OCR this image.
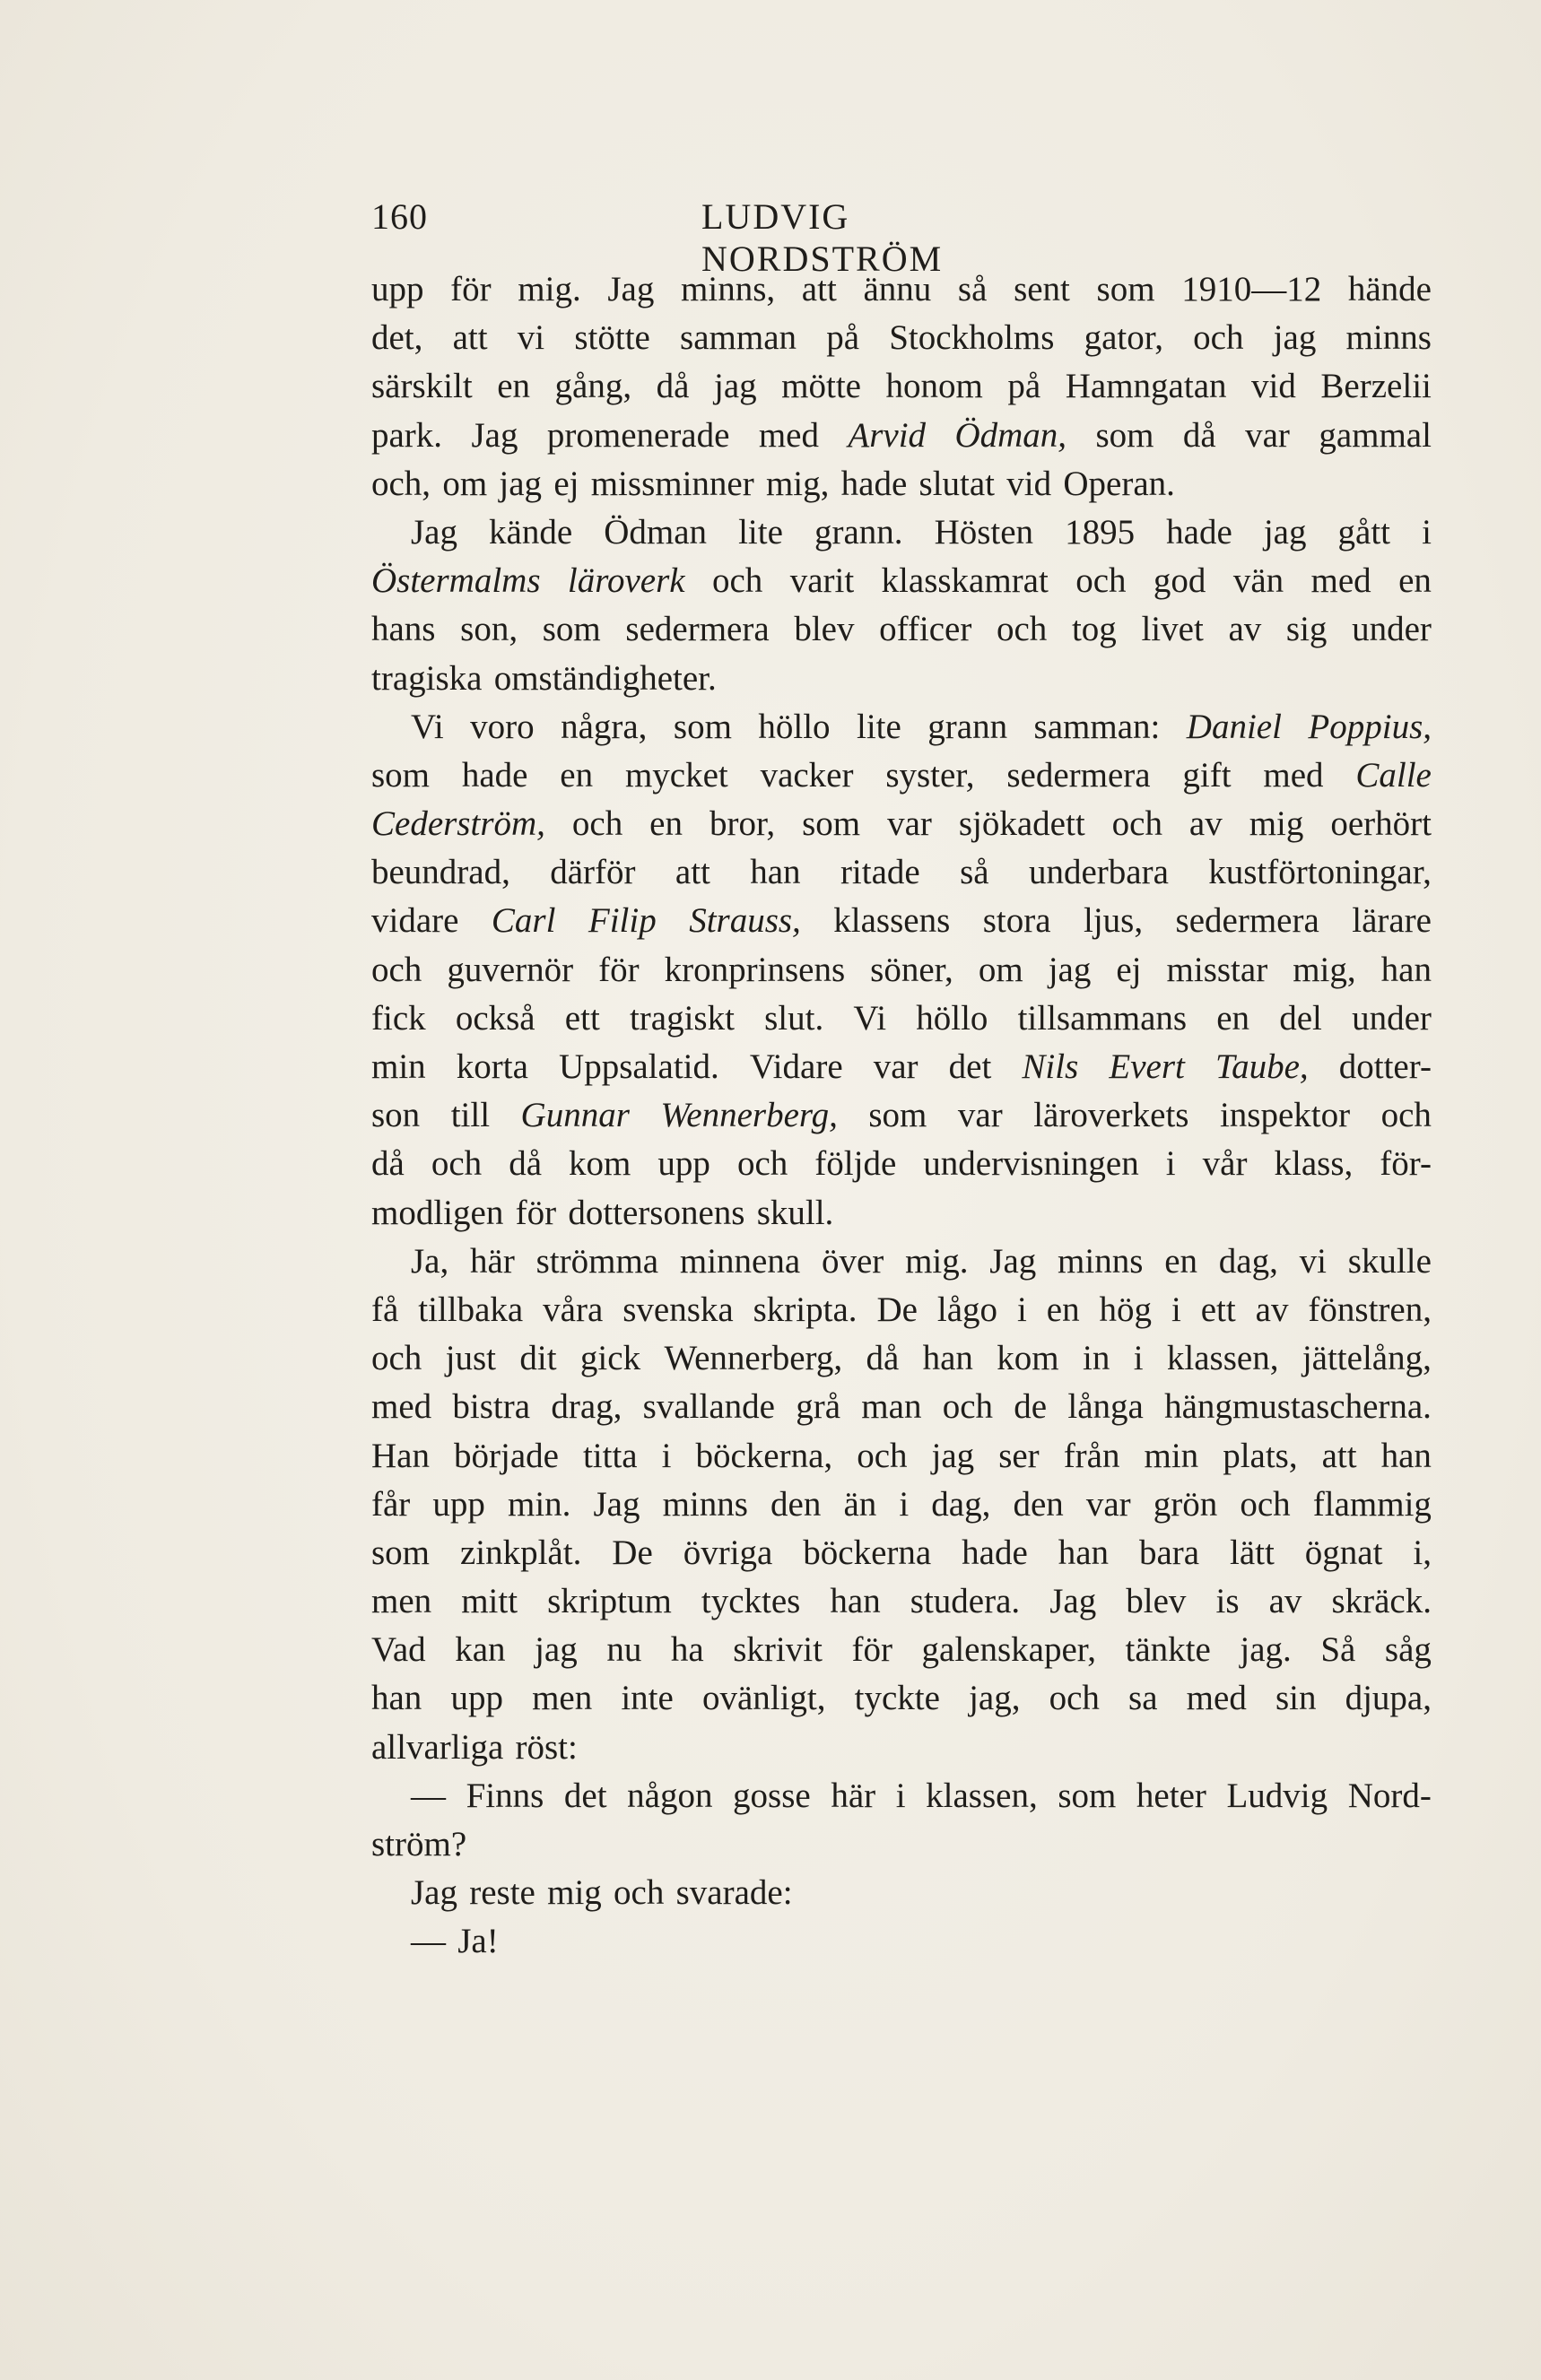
160	LUDVIG NORDSTRÖM
upp för mig. Jag minns, att ännu så sent som 1910—12 hände
det, att vi stötte samman på Stockholms gator, och jag minns
särskilt en gång, då jag mötte honom på Hamngatan vid Berzelii
park. Jag promenerade med Arvid Ödman, som då var gammal
och, om jag ej missminner mig, hade slutat vid Operan.
Jag kände Ödman lite grann. Hösten 1895 hade jag gått i
Östermalms läroverk och varit klasskamrat och god vän med en
hans son, som sedermera blev officer och tog livet av sig under
tragiska omständigheter.
Vi voro några, som höllo lite grann samman: Daniel Poppius,
som hade en mycket vacker syster, sedermera gift med Calle
Cederström, och en bror, som var sjökadett och av mig oerhört
beundrad, därför att han ritade så underbara kustförtoningar,
vidare Carl Filip Strauss, klassens stora ljus, sedermera lärare
och guvernör för kronprinsens söner, om jag ej misstar mig, han
fick också ett tragiskt slut. Vi höllo tillsammans en del under
min korta Uppsalatid. Vidare var det Nils Evert Taube, dotter-
son till Gunnar Wennerberg, som var läroverkets inspektor och
då och då kom upp och följde undervisningen i vår klass, för-
modligen för dottersonens skull.
Ja, här strömma minnena över mig. Jag minns en dag, vi skulle
få tillbaka våra svenska skripta. De lågo i en hög i ett av fönstren,
och just dit gick Wennerberg, då han kom in i klassen, jättelång,
med bistra drag, svallande grå man och de långa hängmustascherna.
Han började titta i böckerna, och jag ser från min plats, att han
får upp min. Jag minns den än i dag, den var grön och flammig
som zinkplåt. De övriga böckerna hade han bara lätt ögnat i,
men mitt skriptum tycktes han studera. Jag blev is av skräck.
Vad kan jag nu ha skrivit för galenskaper, tänkte jag. Så såg
han upp men inte ovänligt, tyckte jag, och sa med sin djupa,
allvarliga röst:
— Finns det någon gosse här i klassen, som heter Ludvig Nord-
ström?
Jag reste mig och svarade:
— Ja!
